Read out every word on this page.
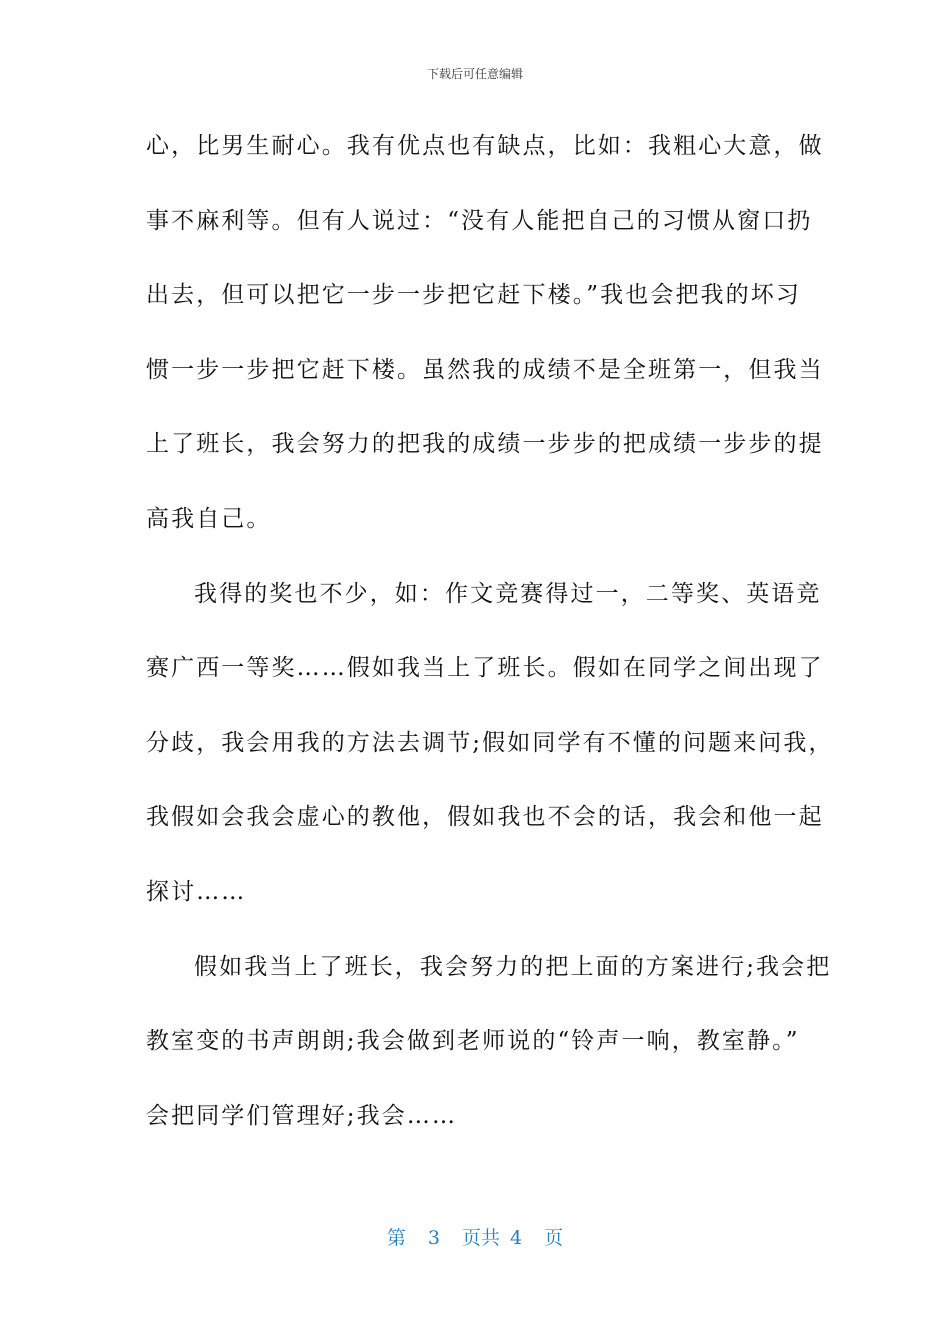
下载后可任意编辑
心，比男生耐心。我有优点也有缺点，比如：我粗心大意，做
事不麻利等。但有人说过：“没有人能把自己的习惯从窗口扔
出去，但可以把它一步一步把它赶下楼。”我也会把我的坏习
惯一步一步把它赶下楼。虽然我的成绩不是全班第一，但我当
上了班长，我会努力的把我的成绩一步步的把成绩一步步的提
高我自己。
我得的奖也不少，如：作文竞赛得过一，二等奖、英语竞
赛广西一等奖……假如我当上了班长。假如在同学之间出现了
分歧，我会用我的方法去调节;假如同学有不懂的问题来问我，
我假如会我会虚心的教他，假如我也不会的话，我会和他一起
探讨……
假如我当上了班长，我会努力的把上面的方案进行;我会把
教室变的书声朗朗;我会做到老师说的“铃声一响，教室静。”
会把同学们管理好;我会……
第 3 页共 4 页
